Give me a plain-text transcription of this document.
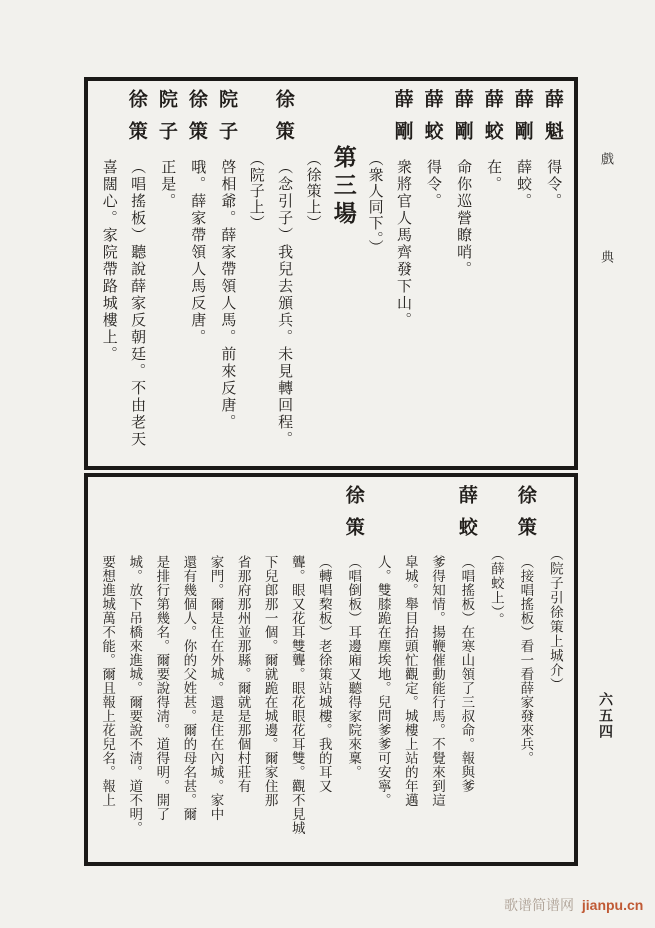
薛魁
得令。
薛剛
薛蛟。
薛蛟
在。
薛剛
命你巡營瞭哨。
薛蛟
得令。
薛剛
衆將官人馬齊發下山。
（衆人同下。）
第三場
（徐策上）
徐策
（念引子）我兒去頒兵。未見轉回程。
（院子上）
院子
啓相爺。薛家帶領人馬。前來反唐。
徐策
哦。薛家帶領人馬反唐。
院子
正是。
徐策
（唱搖板）聽說薛家反朝廷。不由老天
喜闊心。家院帶路城樓上。
（院子引徐策上城介）
徐策
（接唱搖板）看一看薛家發來兵。
（薛蛟上）。
薛蛟
（唱搖板）在寒山領了三叔命。報與爹
爹得知情。揚鞭催動能行馬。不覺來到這
皐城。舉目抬頭忙觀定。城樓上站的年邁
人。雙膝跪在塵埃地。兒問爹爹可安寧。
徐策
（唱倒板）耳邊廂又聽得家院來稟。
（轉唱棃板）老徐策站城樓。我的耳又
聾。眼又花耳雙聾。眼花眼花耳雙。觀不見城
下兒郎那一個。爾就跪在城邊。爾家住那
省那府那州並那縣。爾就是那個村莊有
家門。爾是住在外城。還是住在內城。家中
還有幾個人。你的父姓甚。爾的母名甚。爾
是排行第幾名。爾要說得淸。道得明。開了
城。放下吊橋來進城。爾要說不淸。道不明。
要想進城萬不能。爾且報上花兒名。報上
戲典
六五四
歌谱简谱网 jianpu.cn
